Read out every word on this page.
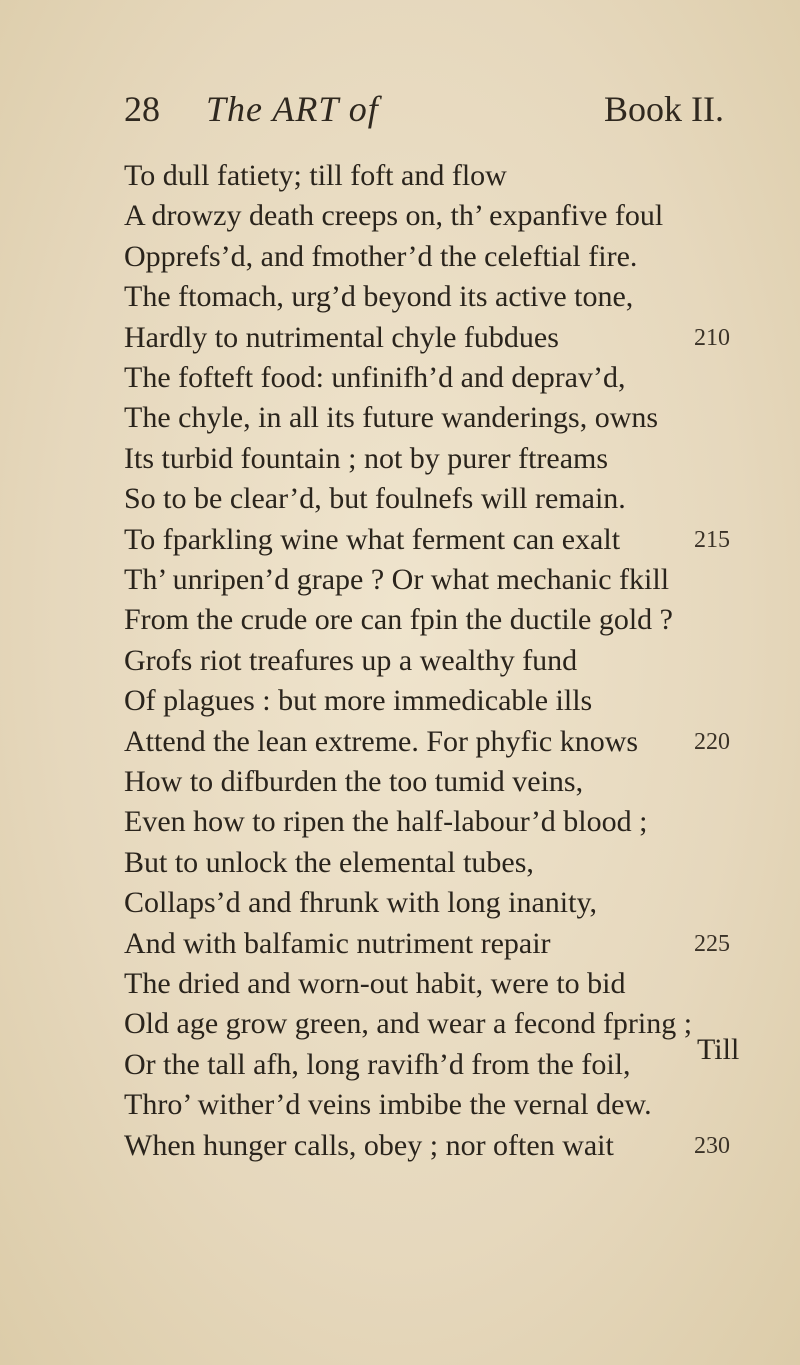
28 The ART of	Book II.
To dull fatiety; till foft and flow
A drowzy death creeps on, th’ expanfive foul
Opprefs’d, and fmother’d the celeftial fire.
The ftomach, urg’d beyond its active tone,
Hardly to nutrimental chyle fubdues
The fofteft food: unfinifh’d and deprav’d,
The chyle, in all its future wanderings, owns
Its turbid fountain ; not by purer ftreams
So to be clear’d, but foulnefs will remain.
To fparkling wine what ferment can exalt
Th’ unripen’d grape ? Or what mechanic fkill
From the crude ore can fpin the ductile gold ?
Grofs riot treafures up a wealthy fund
Of plagues : but more immedicable ills
Attend the lean extreme. For phyfic knows
How to difburden the too tumid veins,
Even how to ripen the half-labour’d blood ;
But to unlock the elemental tubes,
Collaps’d and fhrunk with long inanity,
And with balfamic nutriment repair
The dried and worn-out habit, were to bid
Old age grow green, and wear a fecond fpring ;
Or the tall afh, long ravifh’d from the foil,
Thro’ wither’d veins imbibe the vernal dew.
When hunger calls, obey ; nor often wait
210
215
220
225
230
Till
